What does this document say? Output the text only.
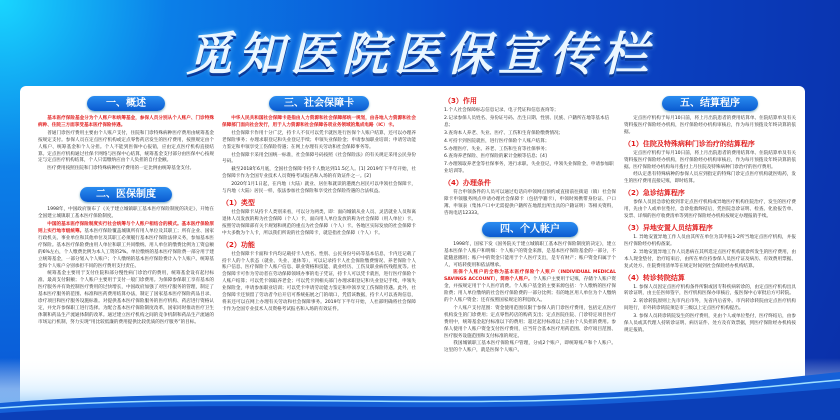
觅知医院医保宣传栏
一、概述

基本医疗保险基金分为个人账户和统筹基金，参保人员分别从个人账户、门诊特殊病种、住院三方面享受基本医疗保险待遇。

普通门诊医疗费用主要由个人账户支付，住院和门诊特殊病种医疗费用由统筹基金按规定支付。参保人员在定点医疗机构或定点零售药店发生的医疗费用，按照规定由个人账户、统筹基金和个人分担。个人不能到医保中心报销，应由定点医疗机构直接结算。定点医疗机构通过社保卡网络与医保中心结算，统筹基金支付部分由医保中心按规定与定点医疗机构结算，个人只需缴纳应由个人负担的自付金额。

医疗费用按照住院和门诊特殊病种医疗费用的一定比例由统筹基金支付。

二、医保制度

1998年，中国政府颁布了《关于建立城镇职工基本医疗保险制度的决定》，开始在全国建立城镇职工基本医疗保险制度。

中国的基本医疗保险制度实行社会统筹与个人账户相结合的模式。基本医疗保险原则上实行地市级统筹。基本医疗保险覆盖城镇所有用人单位及其职工；所有企业、国家行政机关、事业单位和其他单位及其职工必须履行基本医疗保险法律义务，参加基本医疗保险。基本医疗保险费由用人单位和职工共同缴纳。用人单位的缴费比例为工资总额的6%左右，个人缴费比例为本人工资的2%。单位缴纳的基本医疗保险费一部分用于建立统筹基金，一部分划入个人账户；个人缴纳的基本医疗保险费计入个人账户。统筹基金和个人账户分别承担不同的医疗费用支付责任。

统筹基金主要用于支付住院和部分慢性病门诊治疗的费用，统筹基金设有起付标准、最高支付限额；个人账户主要用于支付一般门诊费用。为保障参保职工享有基本的医疗服务并有效控制医疗费用的过快增长，中国政府加强了对医疗服务的管理，制定了基本医疗服务的范围、标准和医药费用结算办法，制定了国家基本医疗保险药品目录、诊疗项目和医疗服务设施标准。对提供基本医疗保险服务的医疗机构、药店进行资格认定，并允许参保职工进行选择。为配合基本医疗保险制度改革，国家同时推动医疗卫生体制和药品生产流通体制的改革。通过建立医疗机构之间的竞争机制和药品生产流通的市场运行机制，努力实现“用比较低廉的费用提供比较优质的医疗服务”的目标。

三、社会保障卡

中华人民共和国社会保障卡是指由人力资源和社会保障部统一规划，由各地人力资源和社会保障部门面向社会发行，用于人力资源和社会保障各项业务领域的集成电路（IC）卡。

社会保障卡作用十分广泛，持卡人不仅可以凭卡就医进行医保个人账户结算，还可以办理养老保险事务；办理求职登记和失业登记手续；申领失业保险金；申请参加职业培训；申请劳动能力鉴定和申领享受工伤保险待遇；在网上办理有关劳动和社会保障事务等。

社会保障卡采用全国统一标准，社会保障号码按照《社会保险法》的有关规定采用公民身份号码。

截至2018年6月底，全国社会保障卡持卡人数达到11.5亿人。[1] 2019年下半年开始，社会保障卡作为全国专业技术人员资格考试报名和入场的有效证件之一。[2]

2020年1月1日起，在内地（大陆）就业、居住和就读的港澳台居民可以申领社会保障卡，与内地（大陆）居民一样，依法参加社会保险和享受社会保险待遇的合法权益。

（1）类型

社会保障卡从持卡人类别来看，可以分为两类，即：面向城镇从业人员、灵活就业人员和离退休人员发放的称为社会保障（个人）卡，面向用人单位发放的称为社会保障（用人单位）卡。按照劳动保障部有关卡规划和规范的重点为社会保障（个人）卡。各地区实际发放的社会保障卡中大多数为个人卡，所以我们所说的社会保障卡，就是指社会保障（个人）卡。

（2）功能

社会保障卡卡面和卡内均记载持卡人姓名、性别、公民身份号码等基本信息，卡内还记载了持卡人的个人状态（就业、失业、退休等），可以记录持卡人社会保险缴费情况、养老保险个人账户信息、医疗保险个人账户信息、职业资格和技能、就业经历、工伤及职业病伤残程度等。社会保障卡可作为劳动者在劳动保障领域办事的电子凭证，持卡人可以凭卡就医，进行医疗保险个人账户结算；可以凭卡领取养老金；可以凭卡到相关部门办理求职登记和失业登记手续，申领失业保险金，申请参加职业培训；可以凭卡申请劳动能力鉴定和申领享受工伤保险待遇。此外，社会保障卡还预留了劳动者今后开启可系统拓展之门的端口，凭借该数据，持卡人可以查询信息，将来还可以在网上办理有关劳动和社会保障事务。2019年下半年开始，人社部明确将社会保障卡作为全国专业技术人员资格考试报名和入场的有效证件。

（3）作用
1.个人社会保障标志信息记录、电子凭证和信息查询等；
2.记录参保人员姓名、身份证号码、出生日期、性别、民族、户籍所在地等基本信息；
3.查询本人养老、失业、医疗、工伤和生育保险缴费情况；
4.可持卡到医院就医，进行医疗保险个人账户结算；
5.办理医疗、失业、养老、工伤和生育等社保事务；
6.查询养老保险、医疗保险的累计金额等信息；[4]
7.办理领取养老金等社保事务，进行求职、失业登记，申领失业保险金，申请参加职业培训等。
（4）办理条件

符合申领条件的人员可以通过电话向申领网点预约或直接前往街道（镇）社会保障卡申领服务网点申请办理社会保障卡（包括学籍卡），申领时须携带身份证、户口簿、申领表（集体户口中无需提供户籍所在地派出所出具的户籍证明）等相关资料，咨询电话12333。

四、个人帐户

1998年，国家下发《国务院关于建立城镇职工基本医疗保险制度的决定》，建立基本医保个人账户和明细：个人账户的资金来源，是基本医疗保险基金的一部分，不能随意挪用；账户中的资金只能用于个人医疗支出，是专有财产；账户资金归属于个人，可结转使用和依法继承。

医保个人账户的全称为基本医疗保险个人账户（INDIVIDUAL MEDICAL SAVINGS ACCOUNT），简称个人账户。个人账户主要用于记账，存储个人账户资金，并按规定用于个人医疗消费。个人账户基金的主要来源包括：个人缴纳的医疗保险费；用人单位缴纳的社会医疗保险费的一部分比例；有的地区用人单位为个人缴纳的个人账户资金；还有按照国家规定的利息收入。

个人账户支付范围：资金使用范围仅限于参保人的门诊医疗费用，包括定点医疗机构发生的门诊费用；定点零售药店的购药支出；定点医院住院、门诊特定项目医疗费用中，统筹基金起付标准以下的费用；超过起付标准以上应由个人负担的费用。参保人使用个人账户资金支付医疗费用，应当符合基本医疗用药范围、诊疗项目范围、医疗服务设施范围和支付标准的规定。

我国城镇职工基本医疗保险账户管理，分成2个账户，即统筹账户和个人账户。这里的个人账户，就是医保个人账户。

五、结算程序

定点医疗机构于每月10日前，将上月出院患者的费用结算单、住院结算单及有关资料报医疗保险经办机构，医疗保险经办机构审核后，作为每月预拨及年终决算的依据。

（1）住院及特殊病种门诊治疗的结算程序

定点医疗机构于每月10日前，将上月出院患者的费用结算单、住院结算单及有关资料报医疗保险经办机构，医疗保险经办机构审核后，作为每月预拨及年终决算的依据。医疗保险经办机构每月拨付上月住院及特殊病种门诊治疗的医疗费用。

经认定患有特殊病种的参保人员应到指定的特殊门诊定点医疗机构就医购药，发生的医疗费用直接记账，即时结算。

（2）急诊结算程序

参保人员因急诊抢救到非定点医疗机构或异地医疗机构住院治疗，发生的医疗费用，先由个人或单位垫付，急诊抢救终结后，凭医院急诊证明、检查、化验报告单、发票、详细的医疗收费清单等到医疗保险经办机构按规定办理报销手续。

（3）异地安置人员结算程序

1. 异地安置异地工作人员由其所在单位为其申报1-2所当地定点医疗机构，并报医疗保险经办机构备案。

2. 异地安置异地工作人员患病在其所选定点医疗机构就诊所发生的医疗费用，由本人现金垫付，治疗结束后，由所在单位持参保人员医疗证及病历、有效费用票据、复式处方、住院费用清单等在规定时间到社会保险经办机构结算。

（4）转诊转院结算

1. 参保人员因定点医疗机构条件所限或因专科疾病转诊的，由定点医疗机构出具转诊证明，由主任医师签字，医疗机构医保办审核后，报医保中心审批后方可转院。

2. 转诊转院原则上先市内后市外，先省内后省外。市内转诊转院由定点医疗机构间进行，市外转诊转院须是市三级以上定点医疗机构提出。

3. 参保人员转诊转院发生的医疗费用，先由个人或单位垫付，医疗终结后，由参保人员或其代理人持转诊证明、病历证件、处方及有效票据，到医疗保险经办机构按规定报销。
